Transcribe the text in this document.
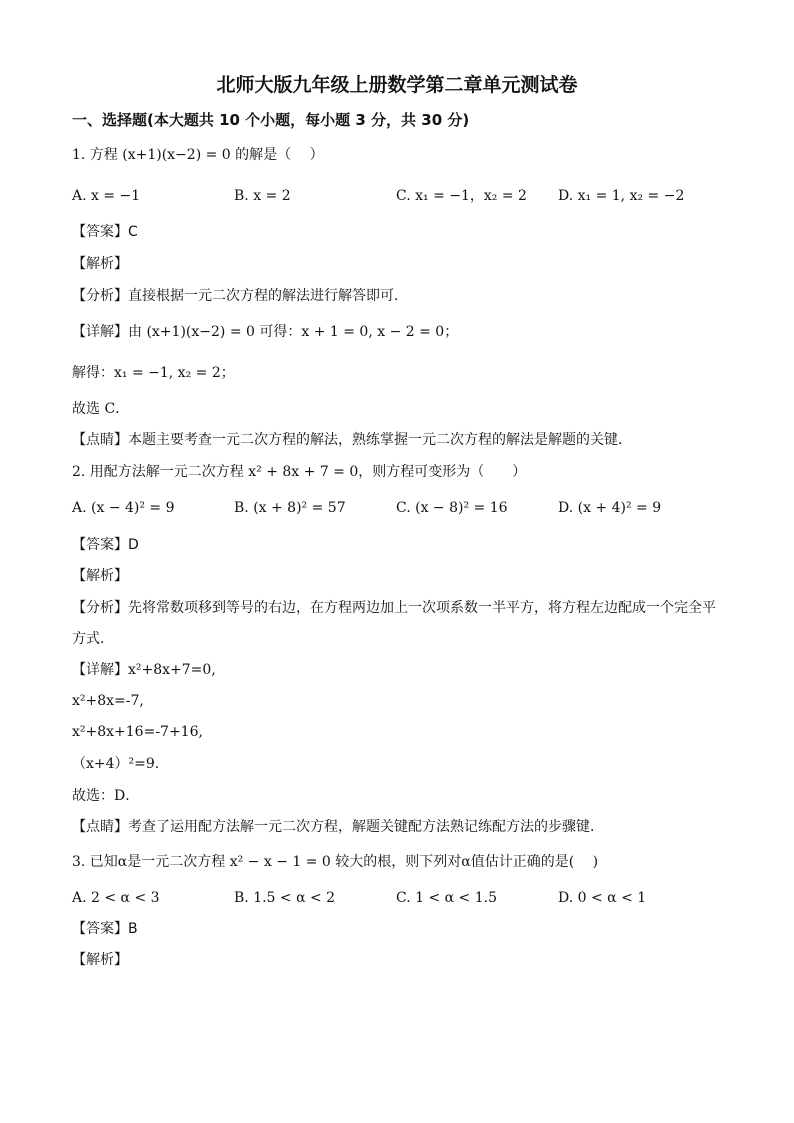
北师大版九年级上册数学第二章单元测试卷
一、选择题(本大题共 10 个小题，每小题 3 分，共 30 分)
1. 方程 (x+1)(x−2) = 0 的解是（　 ）
A. x = −1	B. x = 2	C. x₁ = −1，x₂ = 2 D. x₁ = 1, x₂ = −2
【答案】C
【解析】
【分析】直接根据一元二次方程的解法进行解答即可．
【详解】由 (x+1)(x−2) = 0 可得：x + 1 = 0, x − 2 = 0；
解得：x₁ = −1, x₂ = 2；
故选 C．
【点睛】本题主要考查一元二次方程的解法，熟练掌握一元二次方程的解法是解题的关键．
2. 用配方法解一元二次方程 x² + 8x + 7 = 0，则方程可变形为（　　）
A. (x − 4)² = 9	B. (x + 8)² = 57	C. (x − 8)² = 16	D. (x + 4)² = 9
【答案】D
【解析】
【分析】先将常数项移到等号的右边，在方程两边加上一次项系数一半平方，将方程左边配成一个完全平
方式．
【详解】x²+8x+7=0,
x²+8x=-7,
x²+8x+16=-7+16,
（x+4）²=9.
故选：D．
【点睛】考查了运用配方法解一元二次方程，解题关键配方法熟记练配方法的步骤键．
3. 已知α是一元二次方程 x² − x − 1 = 0 较大的根，则下列对α值估计正确的是(　 )
A. 2 < α < 3	B. 1.5 < α < 2	C. 1 < α < 1.5	D. 0 < α < 1
【答案】B
【解析】
